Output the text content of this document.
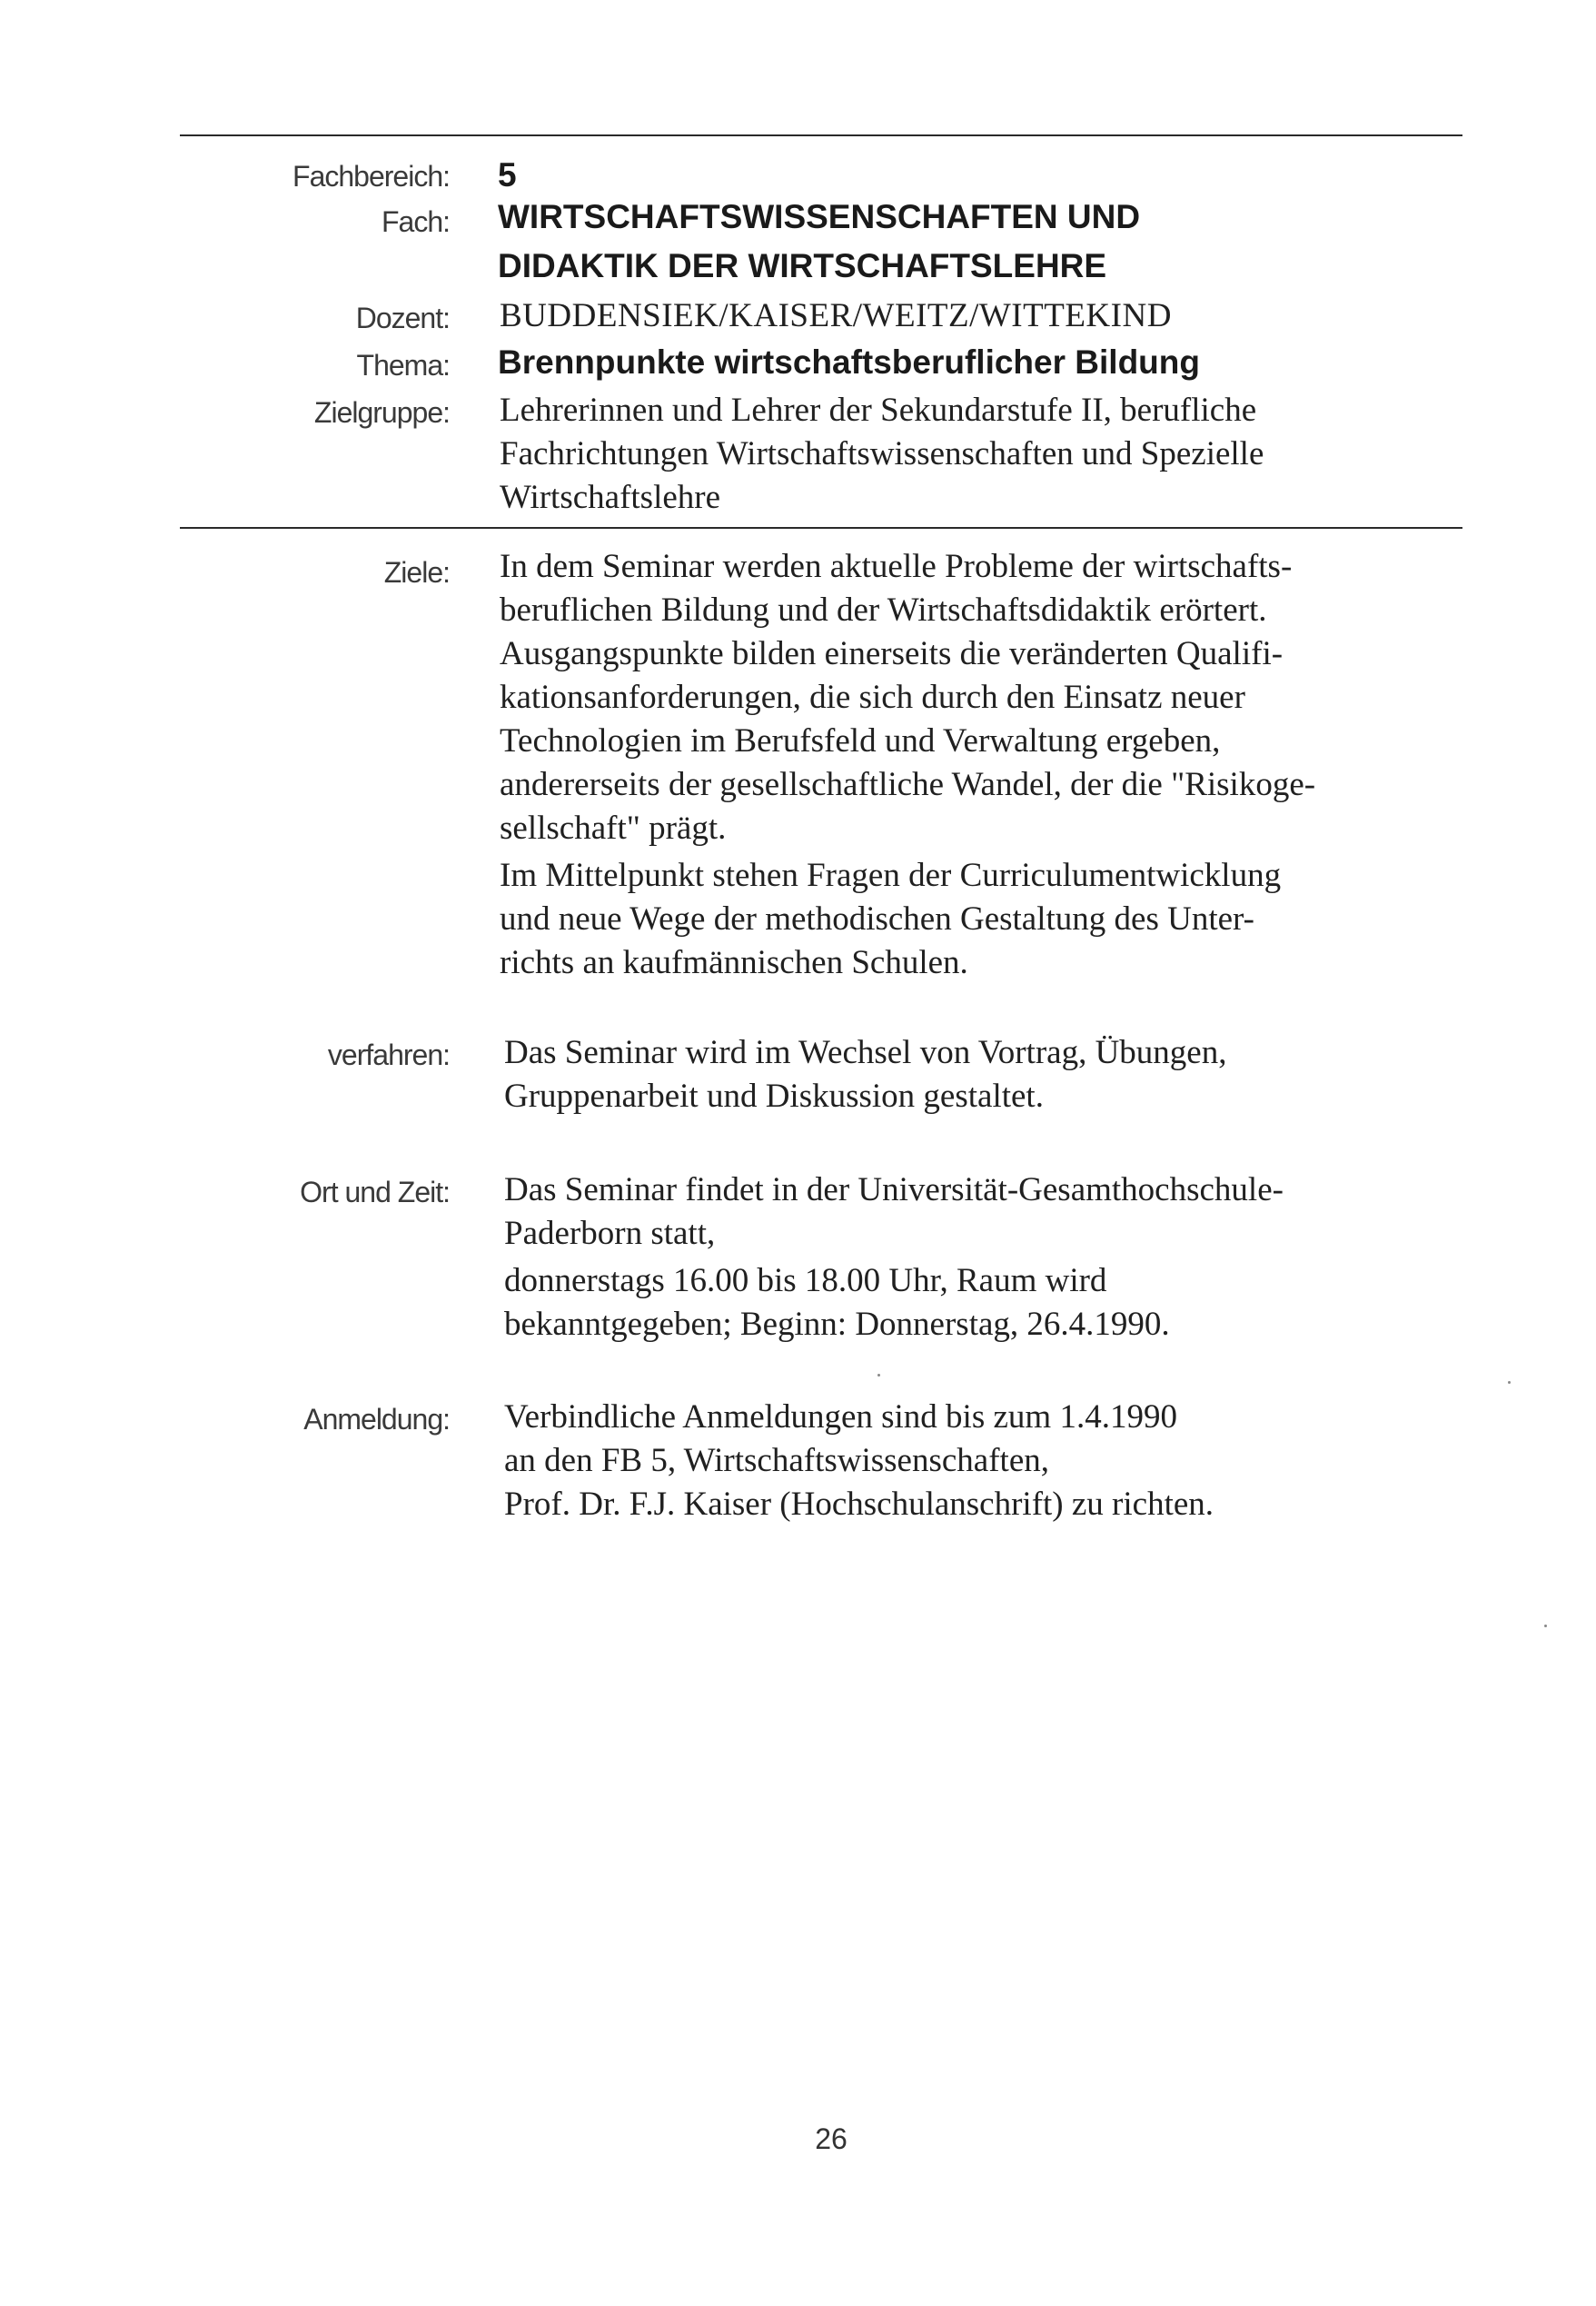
Fachbereich: 5
Fach: WIRTSCHAFTSWISSENSCHAFTEN UND
DIDAKTIK DER WIRTSCHAFTSLEHRE
Dozent: BUDDENSIEK/KAISER/WEITZ/WITTEKIND
Thema: Brennpunkte wirtschaftsberuflicher Bildung
Zielgruppe: Lehrerinnen und Lehrer der Sekundarstufe II, berufliche
Fachrichtungen Wirtschaftswissenschaften und Spezielle
Wirtschaftslehre
Ziele: In dem Seminar werden aktuelle Probleme der wirtschafts-
beruflichen Bildung und der Wirtschaftsdidaktik erörtert.
Ausgangspunkte bilden einerseits die veränderten Qualifi-
kationsanforderungen, die sich durch den Einsatz neuer
Technologien im Berufsfeld und Verwaltung ergeben,
andererseits der gesellschaftliche Wandel, der die "Risikoge-
sellschaft" prägt.
Im Mittelpunkt stehen Fragen der Curriculumentwicklung
und neue Wege der methodischen Gestaltung des Unter-
richts an kaufmännischen Schulen.
verfahren: Das Seminar wird im Wechsel von Vortrag, Übungen,
Gruppenarbeit und Diskussion gestaltet.
Ort und Zeit: Das Seminar findet in der Universität-Gesamthochschule-
Paderborn statt,
donnerstags 16.00 bis 18.00 Uhr, Raum wird
bekanntgegeben; Beginn: Donnerstag, 26.4.1990.
Anmeldung: Verbindliche Anmeldungen sind bis zum 1.4.1990
an den FB 5, Wirtschaftswissenschaften,
Prof. Dr. F.J. Kaiser (Hochschulanschrift) zu richten.
26
